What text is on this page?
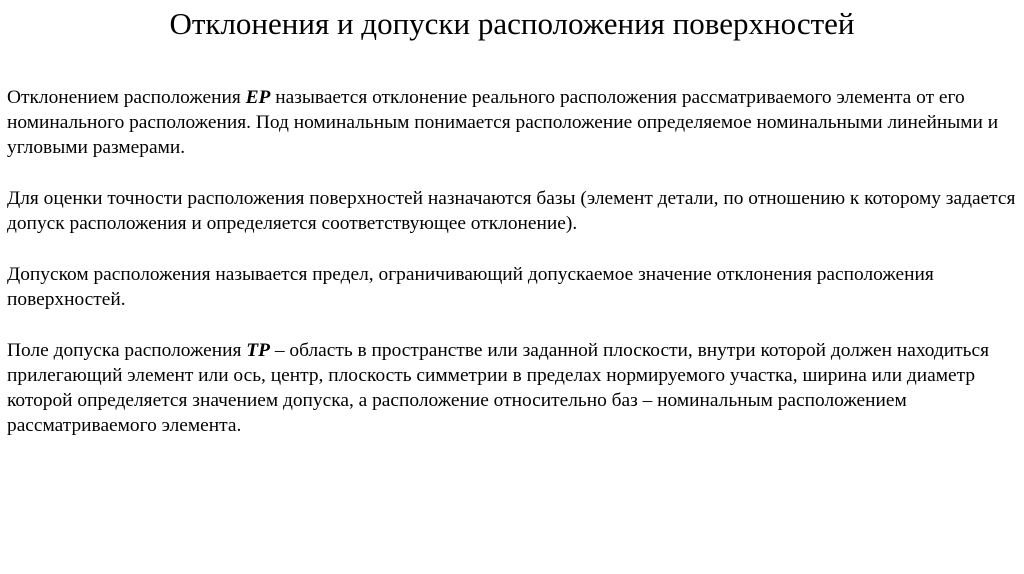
Отклонения и допуски расположения поверхностей

Отклонением расположения ЕР называется отклонение реального расположения рассматриваемого элемента от его номинального расположения. Под номинальным понимается расположение определяемое номинальными линейными и угловыми размерами.

Для оценки точности расположения поверхностей назначаются базы (элемент детали, по отношению к которому задается допуск расположения и определяется соответствующее отклонение).

Допуском расположения называется предел, ограничивающий допускаемое значение отклонения расположения поверхностей.

Поле допуска расположения ТР – область в пространстве или заданной плоскости, внутри которой должен находиться прилегающий элемент или ось, центр, плоскость симметрии в пределах нормируемого участка, ширина или диаметр которой определяется значением допуска, а расположение относительно баз – номинальным расположением рассматриваемого элемента.
